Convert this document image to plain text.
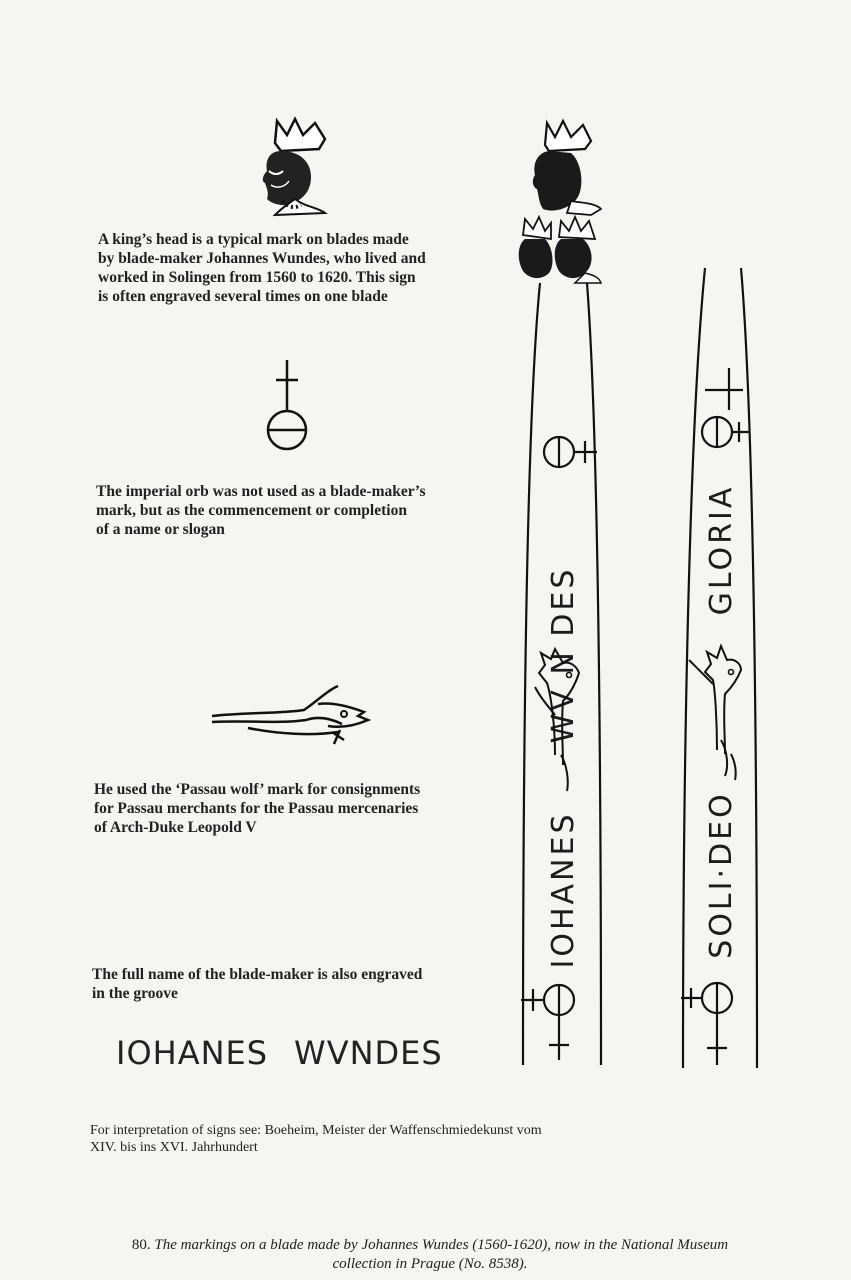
A king’s head is a typical mark on blades made
by blade-maker Johannes Wundes, who lived and
worked in Solingen from 1560 to 1620. This sign
is often engraved several times on one blade
The imperial orb was not used as a blade-maker’s
mark, but as the commencement or completion
of a name or slogan
He used the ‘Passau wolf’ mark for consignments
for Passau merchants for the Passau mercenaries
of Arch-Duke Leopold V
The full name of the blade-maker is also engraved
in the groove
IOHANES WVNDES
WV N DES
IOHANES
GLORIA
SOLI·DEO
For interpretation of signs see: Boeheim, Meister der Waffenschmiedekunst vom
XIV. bis ins XVI. Jahrhundert
80. The markings on a blade made by Johannes Wundes (1560-1620), now in the National Museum
collection in Prague (No. 8538).
